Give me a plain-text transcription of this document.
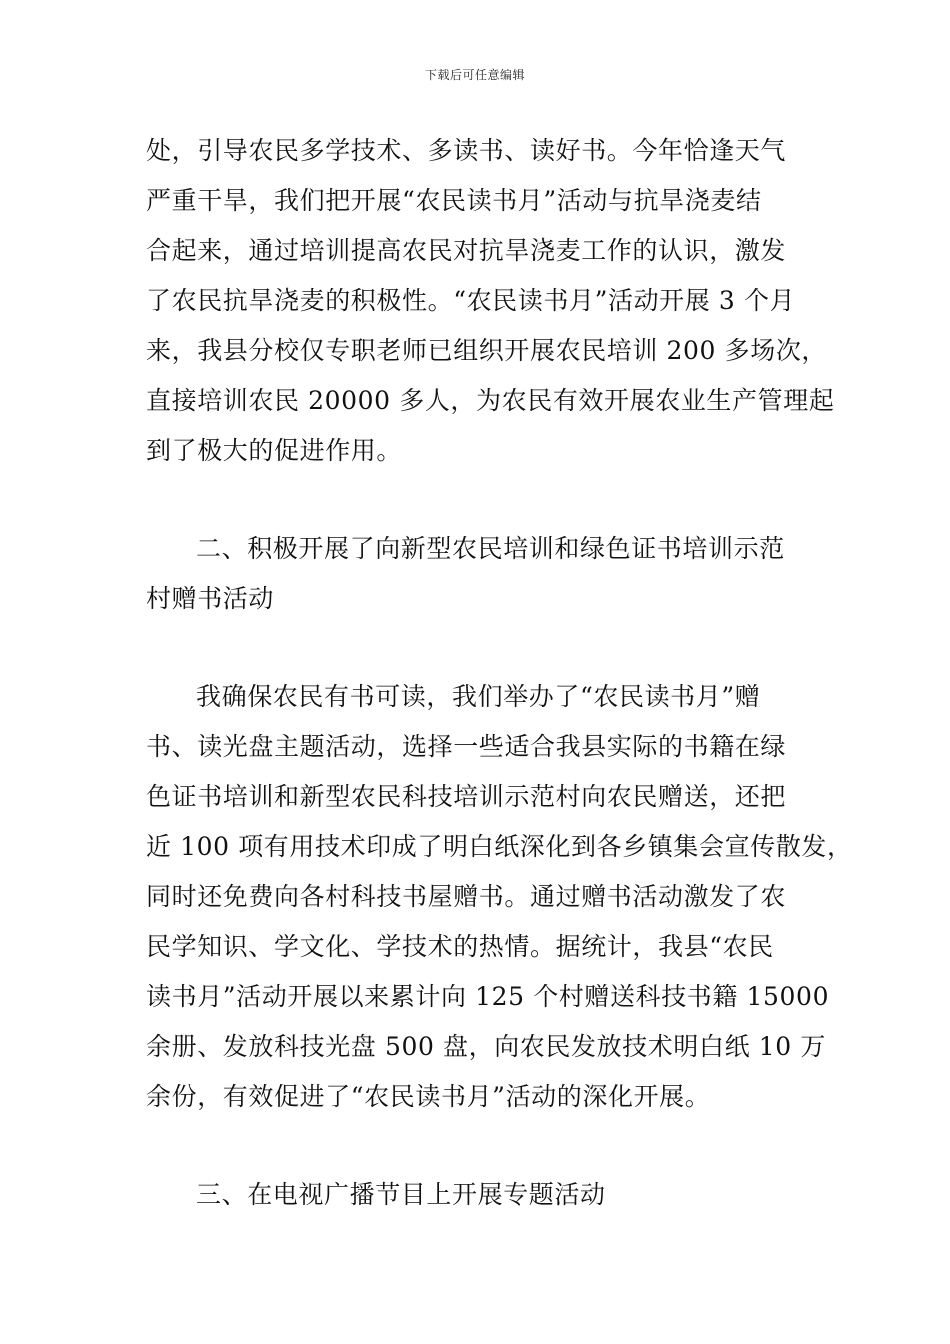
下载后可任意编辑
处，引导农民多学技术、多读书、读好书。今年恰逢天气
严重干旱，我们把开展“农民读书月”活动与抗旱浇麦结
合起来，通过培训提高农民对抗旱浇麦工作的认识，激发
了农民抗旱浇麦的积极性。“农民读书月”活动开展 3 个月
来，我县分校仅专职老师已组织开展农民培训 200 多场次，
直接培训农民 20000 多人，为农民有效开展农业生产管理起
到了极大的促进作用。
二、积极开展了向新型农民培训和绿色证书培训示范
村赠书活动
我确保农民有书可读，我们举办了“农民读书月”赠
书、读光盘主题活动，选择一些适合我县实际的书籍在绿
色证书培训和新型农民科技培训示范村向农民赠送，还把
近 100 项有用技术印成了明白纸深化到各乡镇集会宣传散发，
同时还免费向各村科技书屋赠书。通过赠书活动激发了农
民学知识、学文化、学技术的热情。据统计，我县“农民
读书月”活动开展以来累计向 125 个村赠送科技书籍 15000
余册、发放科技光盘 500 盘，向农民发放技术明白纸 10 万
余份，有效促进了“农民读书月”活动的深化开展。
三、在电视广播节目上开展专题活动
